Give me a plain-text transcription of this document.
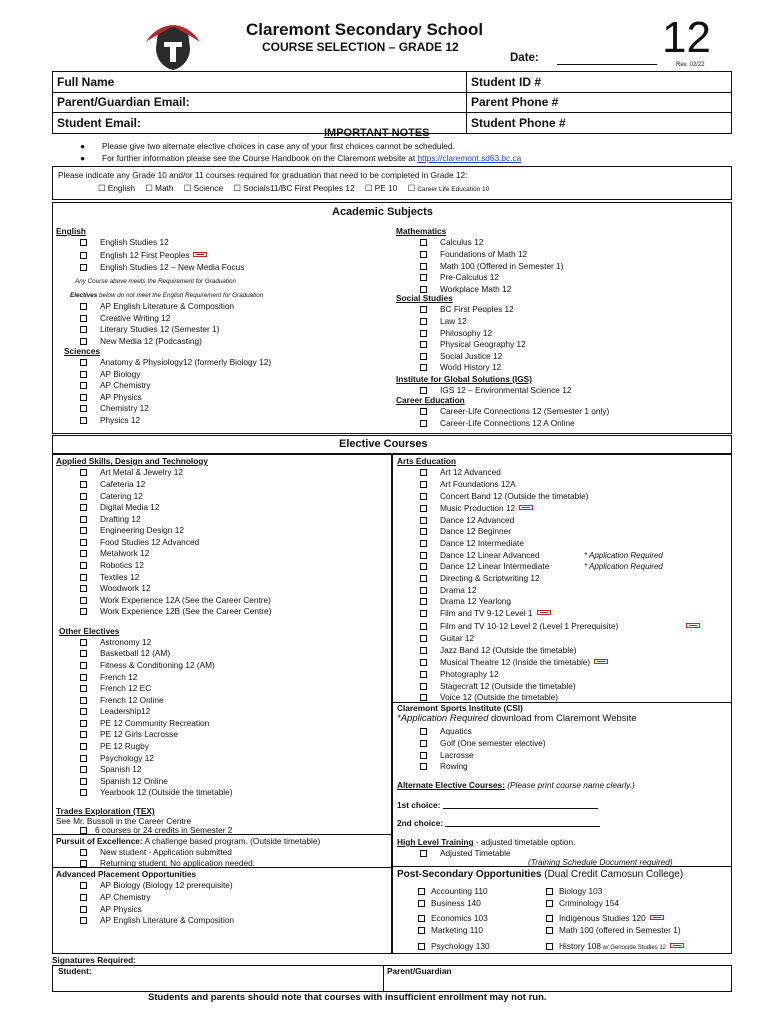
Claremont Secondary School
COURSE SELECTION – GRADE 12
Date:	12
Rev. 02/22
Full Name	Student ID #
Parent/Guardian Email:	Parent Phone #
Student Email:	Student Phone #
IMPORTANT NOTES
● Please give two alternate elective choices in case any of your first choices cannot be scheduled.
● For further information please see the Course Handbook on the Claremont website at https://claremont.sd63.bc.ca
Please indicate any Grade 10 and/or 11 courses required for graduation that need to be completed in Grade 12:
☐ English ☐ Math ☐ Science ☐ Socials11/BC First Peoples 12 ☐ PE 10 ☐ Career Life Education 10
Academic Subjects
English
English Studies 12
English 12 First Peoples
English Studies 12 – New Media Focus
Any Course above meets the Requirement for Graduation
Electives below do not meet the English Requirement for Graduation
AP English Literature & Composition
Creative Writing 12
Literary Studies 12 (Semester 1)
New Media 12 (Podcasting)
Sciences
Anatomy & Physiology12 (formerly Biology 12)
AP Biology
AP Chemistry
AP Physics
Chemistry 12
Physics 12
Mathematics
Calculus 12
Foundations of Math 12
Math 100 (Offered in Semester 1)
Pre-Calculus 12
Workplace Math 12
Social Studies
BC First Peoples 12
Law 12
Philosophy 12
Physical Geography 12
Social Justice 12
World History 12
Institute for Global Solutions (IGS)
IGS 12 – Environmental Science 12
Career Education
Career-Life Connections 12 (Semester 1 only)
Career-Life Connections 12 A Online
Elective Courses
Applied Skills, Design and Technology
Art Metal & Jewelry 12
Cafeteria 12
Catering 12
Digital Media 12
Drafting 12
Engineering Design 12
Food Studies 12 Advanced
Metalwork 12
Robotics 12
Textiles 12
Woodwork 12
Work Experience 12A (See the Career Centre)
Work Experience 12B (See the Career Centre)
Other Electives
Astronomy 12
Basketball 12 (AM)
Fitness & Conditioning 12 (AM)
French 12
French 12 EC
French 12 Online
Leadership12
PE 12 Community Recreation
PE 12 Girls Lacrosse
PE 12 Rugby
Psychology 12
Spanish 12
Spanish 12 Online
Yearbook 12 (Outside the timetable)
Trades Exploration (TEX)
See Mr. Bussoli in the Career Centre
6 courses or 24 credits in Semester 2
Pursuit of Excellence: A challenge based program. (Outside timetable)
New student - Application submitted
Returning student. No application needed.
Advanced Placement Opportunities
AP Biology (Biology 12 prerequisite)
AP Chemistry
AP Physics
AP English Literature & Composition
Arts Education
Art 12 Advanced
Art Foundations 12A
Concert Band 12 (Outside the timetable)
Music Production 12
Dance 12 Advanced
Dance 12 Beginner
Dance 12 Intermediate
Dance 12 Linear Advanced
Dance 12 Linear Intermediate
* Application Required
* Application Required
Directing & Scriptwriting 12
Drama 12
Drama 12 Yearlong
Film and TV 9-12 Level 1
Film and TV 10-12 Level 2 (Level 1 Prerequisite)
Guitar 12
Jazz Band 12 (Outside the timetable)
Musical Theatre 12 (Inside the timetable)
Photography 12
Stagecraft 12 (Outside the timetable)
Voice 12 (Outside the timetable)
Claremont Sports Institute (CSI)
*Application Required download from Claremont Website
Aquatics
Golf (One semester elective)
Lacrosse
Rowing
Alternate Elective Courses: (Please print course name clearly.)
1st choice:
2nd choice:
High Level Training - adjusted timetable option.
Adjusted Timetable
(Training Schedule Document required)
Post-Secondary Opportunities (Dual Credit Camosun College)
Accounting 110
Business 140
Economics 103
Marketing 110
Psychology 130
Biology 103
Criminology 154
Indigenous Studies 120
Math 100 (offered in Semester 1)
History 108 w/ Genocide Studies 12
Signatures Required:
Student:	Parent/Guardian
Students and parents should note that courses with insufficient enrollment may not run.
